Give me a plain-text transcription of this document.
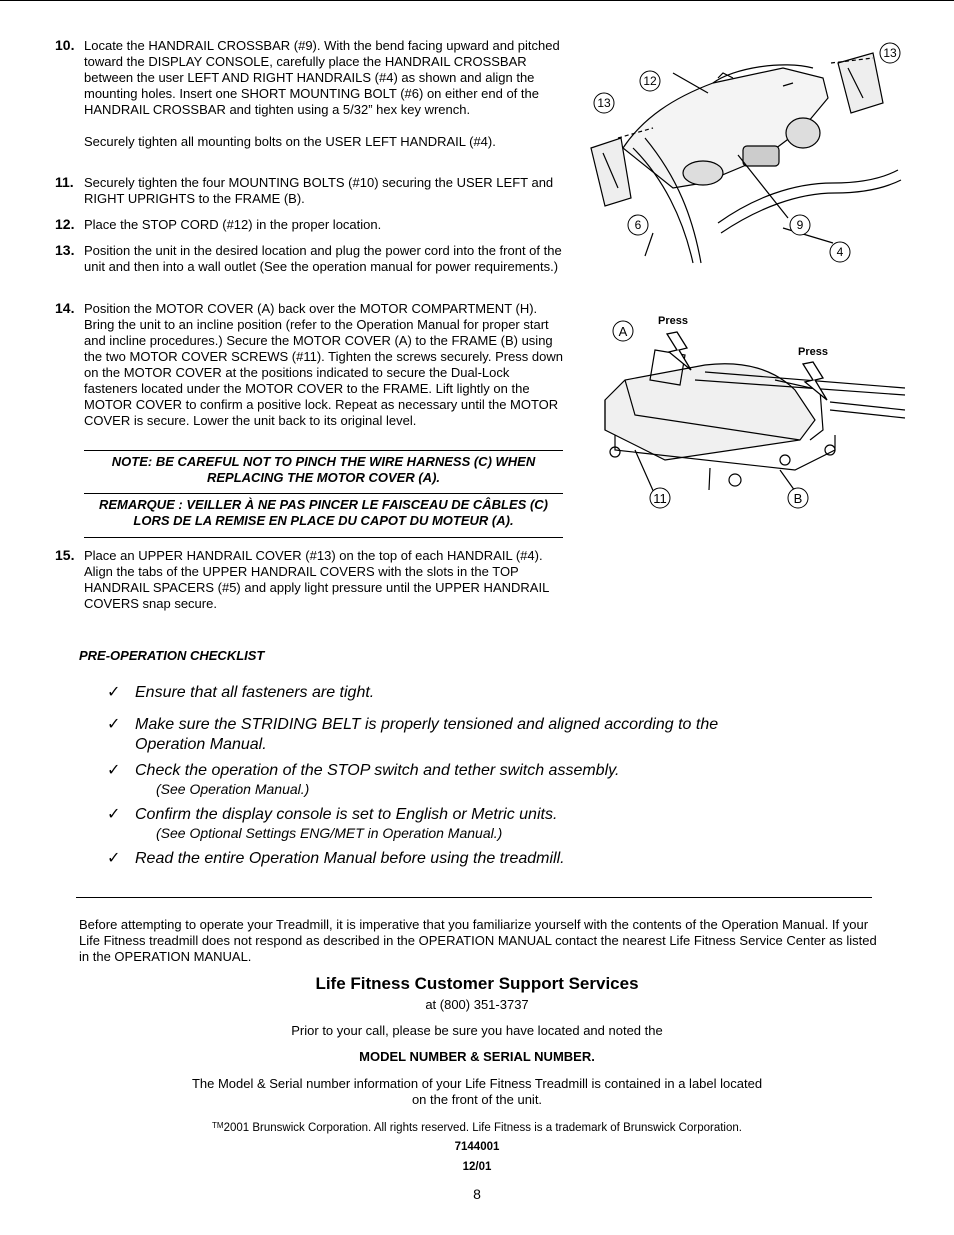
10. Locate the HANDRAIL CROSSBAR (#9). With the bend facing upward and pitched toward the DISPLAY CONSOLE, carefully place the HANDRAIL CROSSBAR between the user LEFT AND RIGHT HANDRAILS (#4) as shown and align the mounting holes. Insert one SHORT MOUNTING BOLT (#6) on either end of the HANDRAIL CROSSBAR and tighten using a 5/32” hex key wrench.
Securely tighten all mounting bolts on the USER LEFT HANDRAIL (#4).
11. Securely tighten the four MOUNTING BOLTS (#10) securing the USER LEFT and RIGHT UPRIGHTS to the FRAME (B).
12. Place the STOP CORD (#12) in the proper location.
13. Position the unit in the desired location and plug the power cord into the front of the unit and then into a wall outlet (See the operation manual for power requirements.)
14. Position the MOTOR COVER (A) back over the MOTOR COMPARTMENT (H). Bring the unit to an incline position (refer to the Operation Manual for proper start and incline procedures.) Secure the MOTOR COVER (A) to the FRAME (B) using the two MOTOR COVER SCREWS (#11). Tighten the screws securely. Press down on the MOTOR COVER at the positions indicated to secure the Dual-Lock fasteners located under the MOTOR COVER to the FRAME. Lift lightly on the MOTOR COVER to confirm a positive lock. Repeat as necessary until the MOTOR COVER is secure. Lower the unit back to its original level.
NOTE: BE CAREFUL NOT TO PINCH THE WIRE HARNESS (C) WHEN REPLACING THE MOTOR COVER (A).
REMARQUE : VEILLER À NE PAS PINCER LE FAISCEAU DE CÂBLES (C) LORS DE LA REMISE EN PLACE DU CAPOT DU MOTEUR (A).
15. Place an UPPER HANDRAIL COVER (#13) on the top of each HANDRAIL (#4). Align the tabs of the UPPER HANDRAIL COVERS with the slots in the TOP HANDRAIL SPACERS (#5) and apply light pressure until the UPPER HANDRAIL COVERS snap secure.
13
12
13
6	9
4
A
11	B
Press
Press
PRE-OPERATION CHECKLIST
✓ Ensure that all fasteners are tight.
✓ Make sure the STRIDING BELT is properly tensioned and aligned according to the Operation Manual.
✓ Check the operation of the STOP switch and tether switch assembly.
(See Operation Manual.)
✓ Confirm the display console is set to English or Metric units.
(See Optional Settings ENG/MET in Operation Manual.)
✓ Read the entire Operation Manual before using the treadmill.
Before attempting to operate your Treadmill, it is imperative that you familiarize yourself with the contents of the Operation Manual. If your Life Fitness treadmill does not respond as described in the OPERATION MANUAL contact the nearest Life Fitness Service Center as listed in the OPERATION MANUAL.
Life Fitness Customer Support Services
at (800) 351-3737
Prior to your call, please be sure you have located and noted the
MODEL NUMBER & SERIAL NUMBER.
The Model & Serial number information of your Life Fitness Treadmill is contained in a label located on the front of the unit.
™2001 Brunswick Corporation. All rights reserved. Life Fitness is a trademark of Brunswick Corporation.
7144001
12/01
8
